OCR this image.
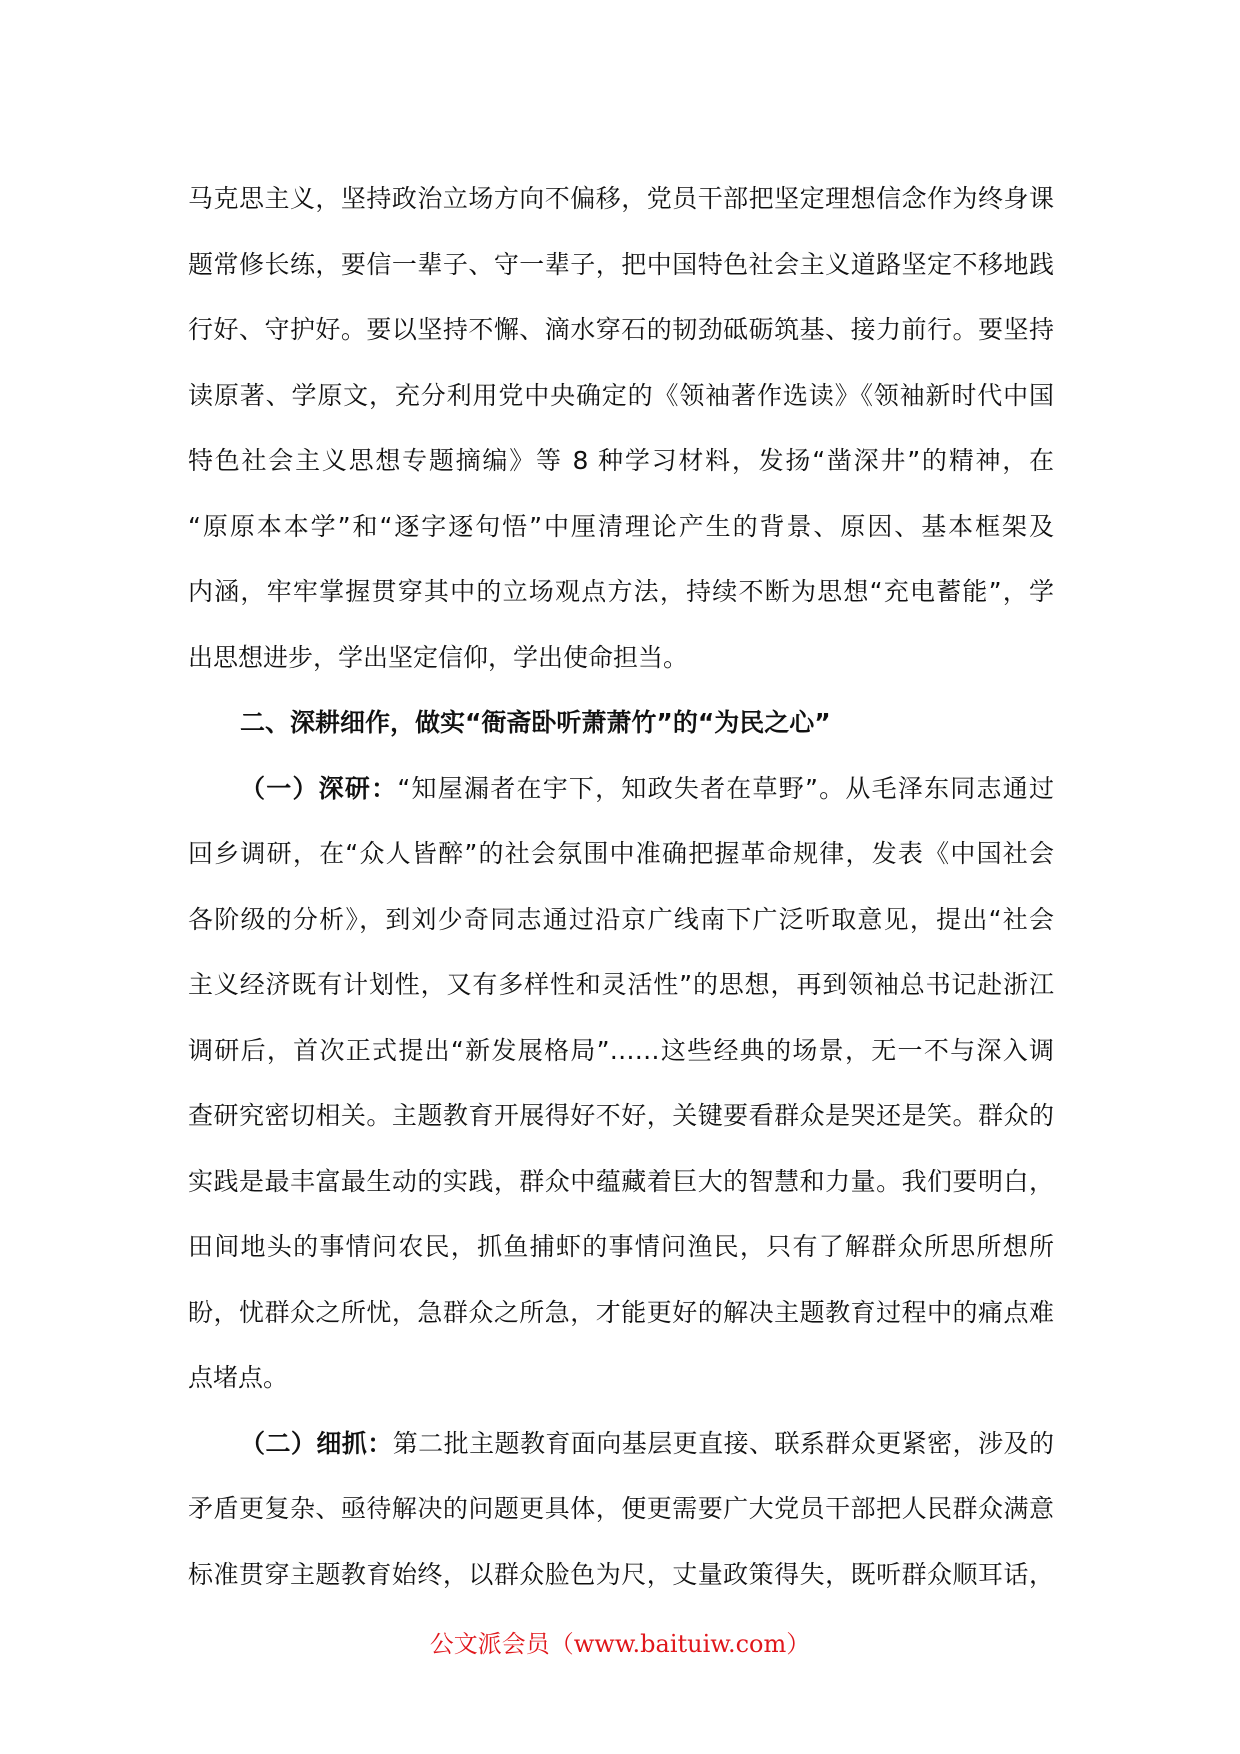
马克思主义，坚持政治立场方向不偏移，党员干部把坚定理想信念作为终身课
题常修长练，要信一辈子、守一辈子，把中国特色社会主义道路坚定不移地践
行好、守护好。要以坚持不懈、滴水穿石的韧劲砥砺筑基、接力前行。要坚持
读原著、学原文，充分利用党中央确定的《领袖著作选读》《领袖新时代中国
特色社会主义思想专题摘编》等 8 种学习材料，发扬“凿深井”的精神，在
“原原本本学”和“逐字逐句悟”中厘清理论产生的背景、原因、基本框架及
内涵，牢牢掌握贯穿其中的立场观点方法，持续不断为思想“充电蓄能”，学
出思想进步，学出坚定信仰，学出使命担当。
二、深耕细作，做实“衙斋卧听萧萧竹”的“为民之心”
（一）深研：“知屋漏者在宇下，知政失者在草野”。从毛泽东同志通过
回乡调研，在“众人皆醉”的社会氛围中准确把握革命规律，发表《中国社会
各阶级的分析》，到刘少奇同志通过沿京广线南下广泛听取意见，提出“社会
主义经济既有计划性，又有多样性和灵活性”的思想，再到领袖总书记赴浙江
调研后，首次正式提出“新发展格局”……这些经典的场景，无一不与深入调
查研究密切相关。主题教育开展得好不好，关键要看群众是哭还是笑。群众的
实践是最丰富最生动的实践，群众中蕴藏着巨大的智慧和力量。我们要明白，
田间地头的事情问农民，抓鱼捕虾的事情问渔民，只有了解群众所思所想所
盼，忧群众之所忧，急群众之所急，才能更好的解决主题教育过程中的痛点难
点堵点。
（二）细抓：第二批主题教育面向基层更直接、联系群众更紧密，涉及的
矛盾更复杂、亟待解决的问题更具体，便更需要广大党员干部把人民群众满意
标准贯穿主题教育始终，以群众脸色为尺，丈量政策得失，既听群众顺耳话，
公文派会员（www.baituiw.com）
